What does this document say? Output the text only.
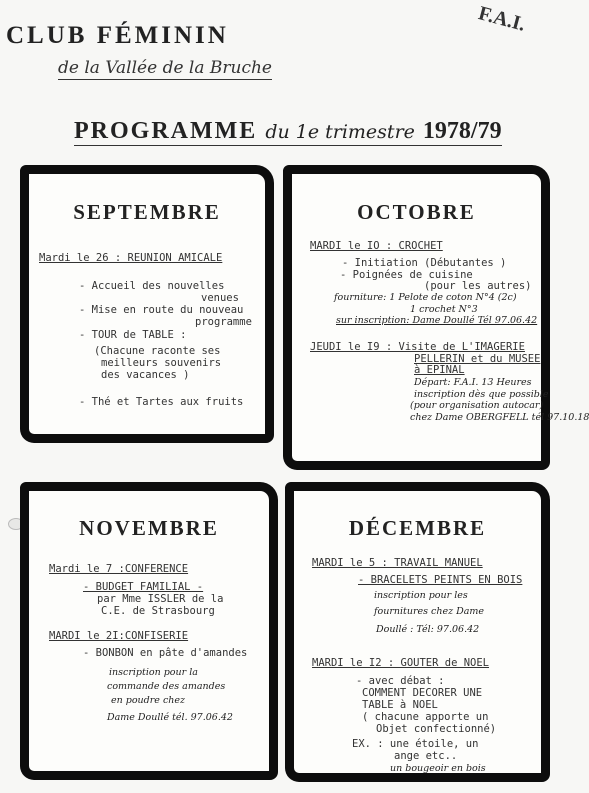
CLUB FÉMININ	F.A.I.
de la Vallée de la Bruche
PROGRAMME du 1e trimestre 1978/79
SEPTEMBRE
Mardi le 26 : REUNION AMICALE
- Accueil des nouvelles
venues
- Mise en route du nouveau
programme
- TOUR de TABLE :
(Chacune raconte ses
meilleurs souvenirs
des vacances )
- Thé et Tartes aux fruits
OCTOBRE
MARDI le IO : CROCHET
- Initiation (Débutantes )
- Poignées de cuisine
(pour les autres)
fourniture: 1 Pelote de coton N°4 (2c)
1 crochet N°3
sur inscription: Dame Doullé Tél 97.06.42
JEUDI le I9 : Visite de L'IMAGERIE
PELLERIN et du MUSEE
à EPINAL
Départ: F.A.I. 13 Heures
inscription dès que possible
(pour organisation autocar)
chez Dame OBERGFELL tél 97.10.18
NOVEMBRE
Mardi le 7 :CONFERENCE
- BUDGET FAMILIAL -
par Mme ISSLER de la
C.E. de Strasbourg
MARDI le 2I:CONFISERIE
- BONBON en pâte d'amandes
inscription pour la
commande des amandes
en poudre chez
Dame Doullé tél. 97.06.42
DÉCEMBRE
MARDI le 5 : TRAVAIL MANUEL
- BRACELETS PEINTS EN BOIS
inscription pour les
fournitures chez Dame
Doullé : Tél: 97.06.42
MARDI le I2 : GOUTER de NOEL
- avec débat :
COMMENT DECORER UNE
TABLE à NOEL
( chacune apporte un
Objet confectionné)
EX. : une étoile, un
ange etc..
un bougeoir en bois
